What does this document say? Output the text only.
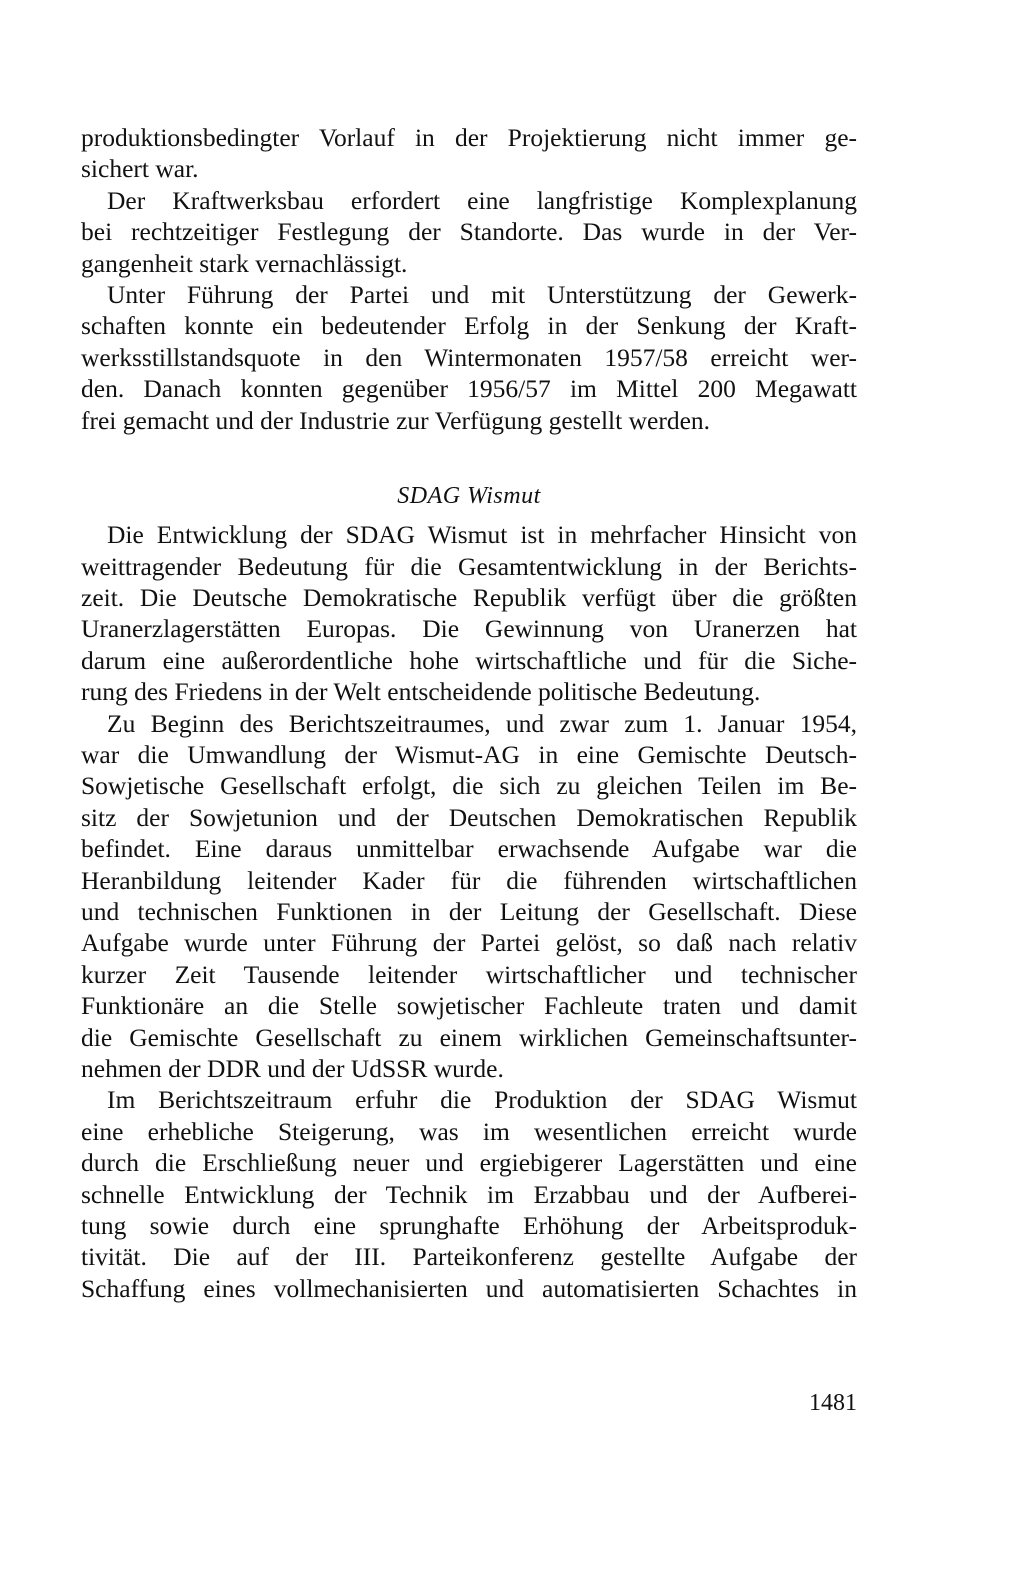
produktionsbedingter Vorlauf in der Projektierung nicht immer ge-
sichert war.
Der Kraftwerksbau erfordert eine langfristige Komplexplanung
bei rechtzeitiger Festlegung der Standorte. Das wurde in der Ver-
gangenheit stark vernachlässigt.
Unter Führung der Partei und mit Unterstützung der Gewerk-
schaften konnte ein bedeutender Erfolg in der Senkung der Kraft-
werksstillstandsquote in den Wintermonaten 1957/58 erreicht wer-
den. Danach konnten gegenüber 1956/57 im Mittel 200 Megawatt
frei gemacht und der Industrie zur Verfügung gestellt werden.
SDAG Wismut
Die Entwicklung der SDAG Wismut ist in mehrfacher Hinsicht von
weittragender Bedeutung für die Gesamtentwicklung in der Berichts-
zeit. Die Deutsche Demokratische Republik verfügt über die größten
Uranerzlagerstätten Europas. Die Gewinnung von Uranerzen hat
darum eine außerordentliche hohe wirtschaftliche und für die Siche-
rung des Friedens in der Welt entscheidende politische Bedeutung.
Zu Beginn des Berichtszeitraumes, und zwar zum 1. Januar 1954,
war die Umwandlung der Wismut-AG in eine Gemischte Deutsch-
Sowjetische Gesellschaft erfolgt, die sich zu gleichen Teilen im Be-
sitz der Sowjetunion und der Deutschen Demokratischen Republik
befindet. Eine daraus unmittelbar erwachsende Aufgabe war die
Heranbildung leitender Kader für die führenden wirtschaftlichen
und technischen Funktionen in der Leitung der Gesellschaft. Diese
Aufgabe wurde unter Führung der Partei gelöst, so daß nach relativ
kurzer Zeit Tausende leitender wirtschaftlicher und technischer
Funktionäre an die Stelle sowjetischer Fachleute traten und damit
die Gemischte Gesellschaft zu einem wirklichen Gemeinschaftsunter-
nehmen der DDR und der UdSSR wurde.
Im Berichtszeitraum erfuhr die Produktion der SDAG Wismut
eine erhebliche Steigerung, was im wesentlichen erreicht wurde
durch die Erschließung neuer und ergiebigerer Lagerstätten und eine
schnelle Entwicklung der Technik im Erzabbau und der Aufberei-
tung sowie durch eine sprunghafte Erhöhung der Arbeitsproduk-
tivität. Die auf der III. Parteikonferenz gestellte Aufgabe der
Schaffung eines vollmechanisierten und automatisierten Schachtes in
1481
